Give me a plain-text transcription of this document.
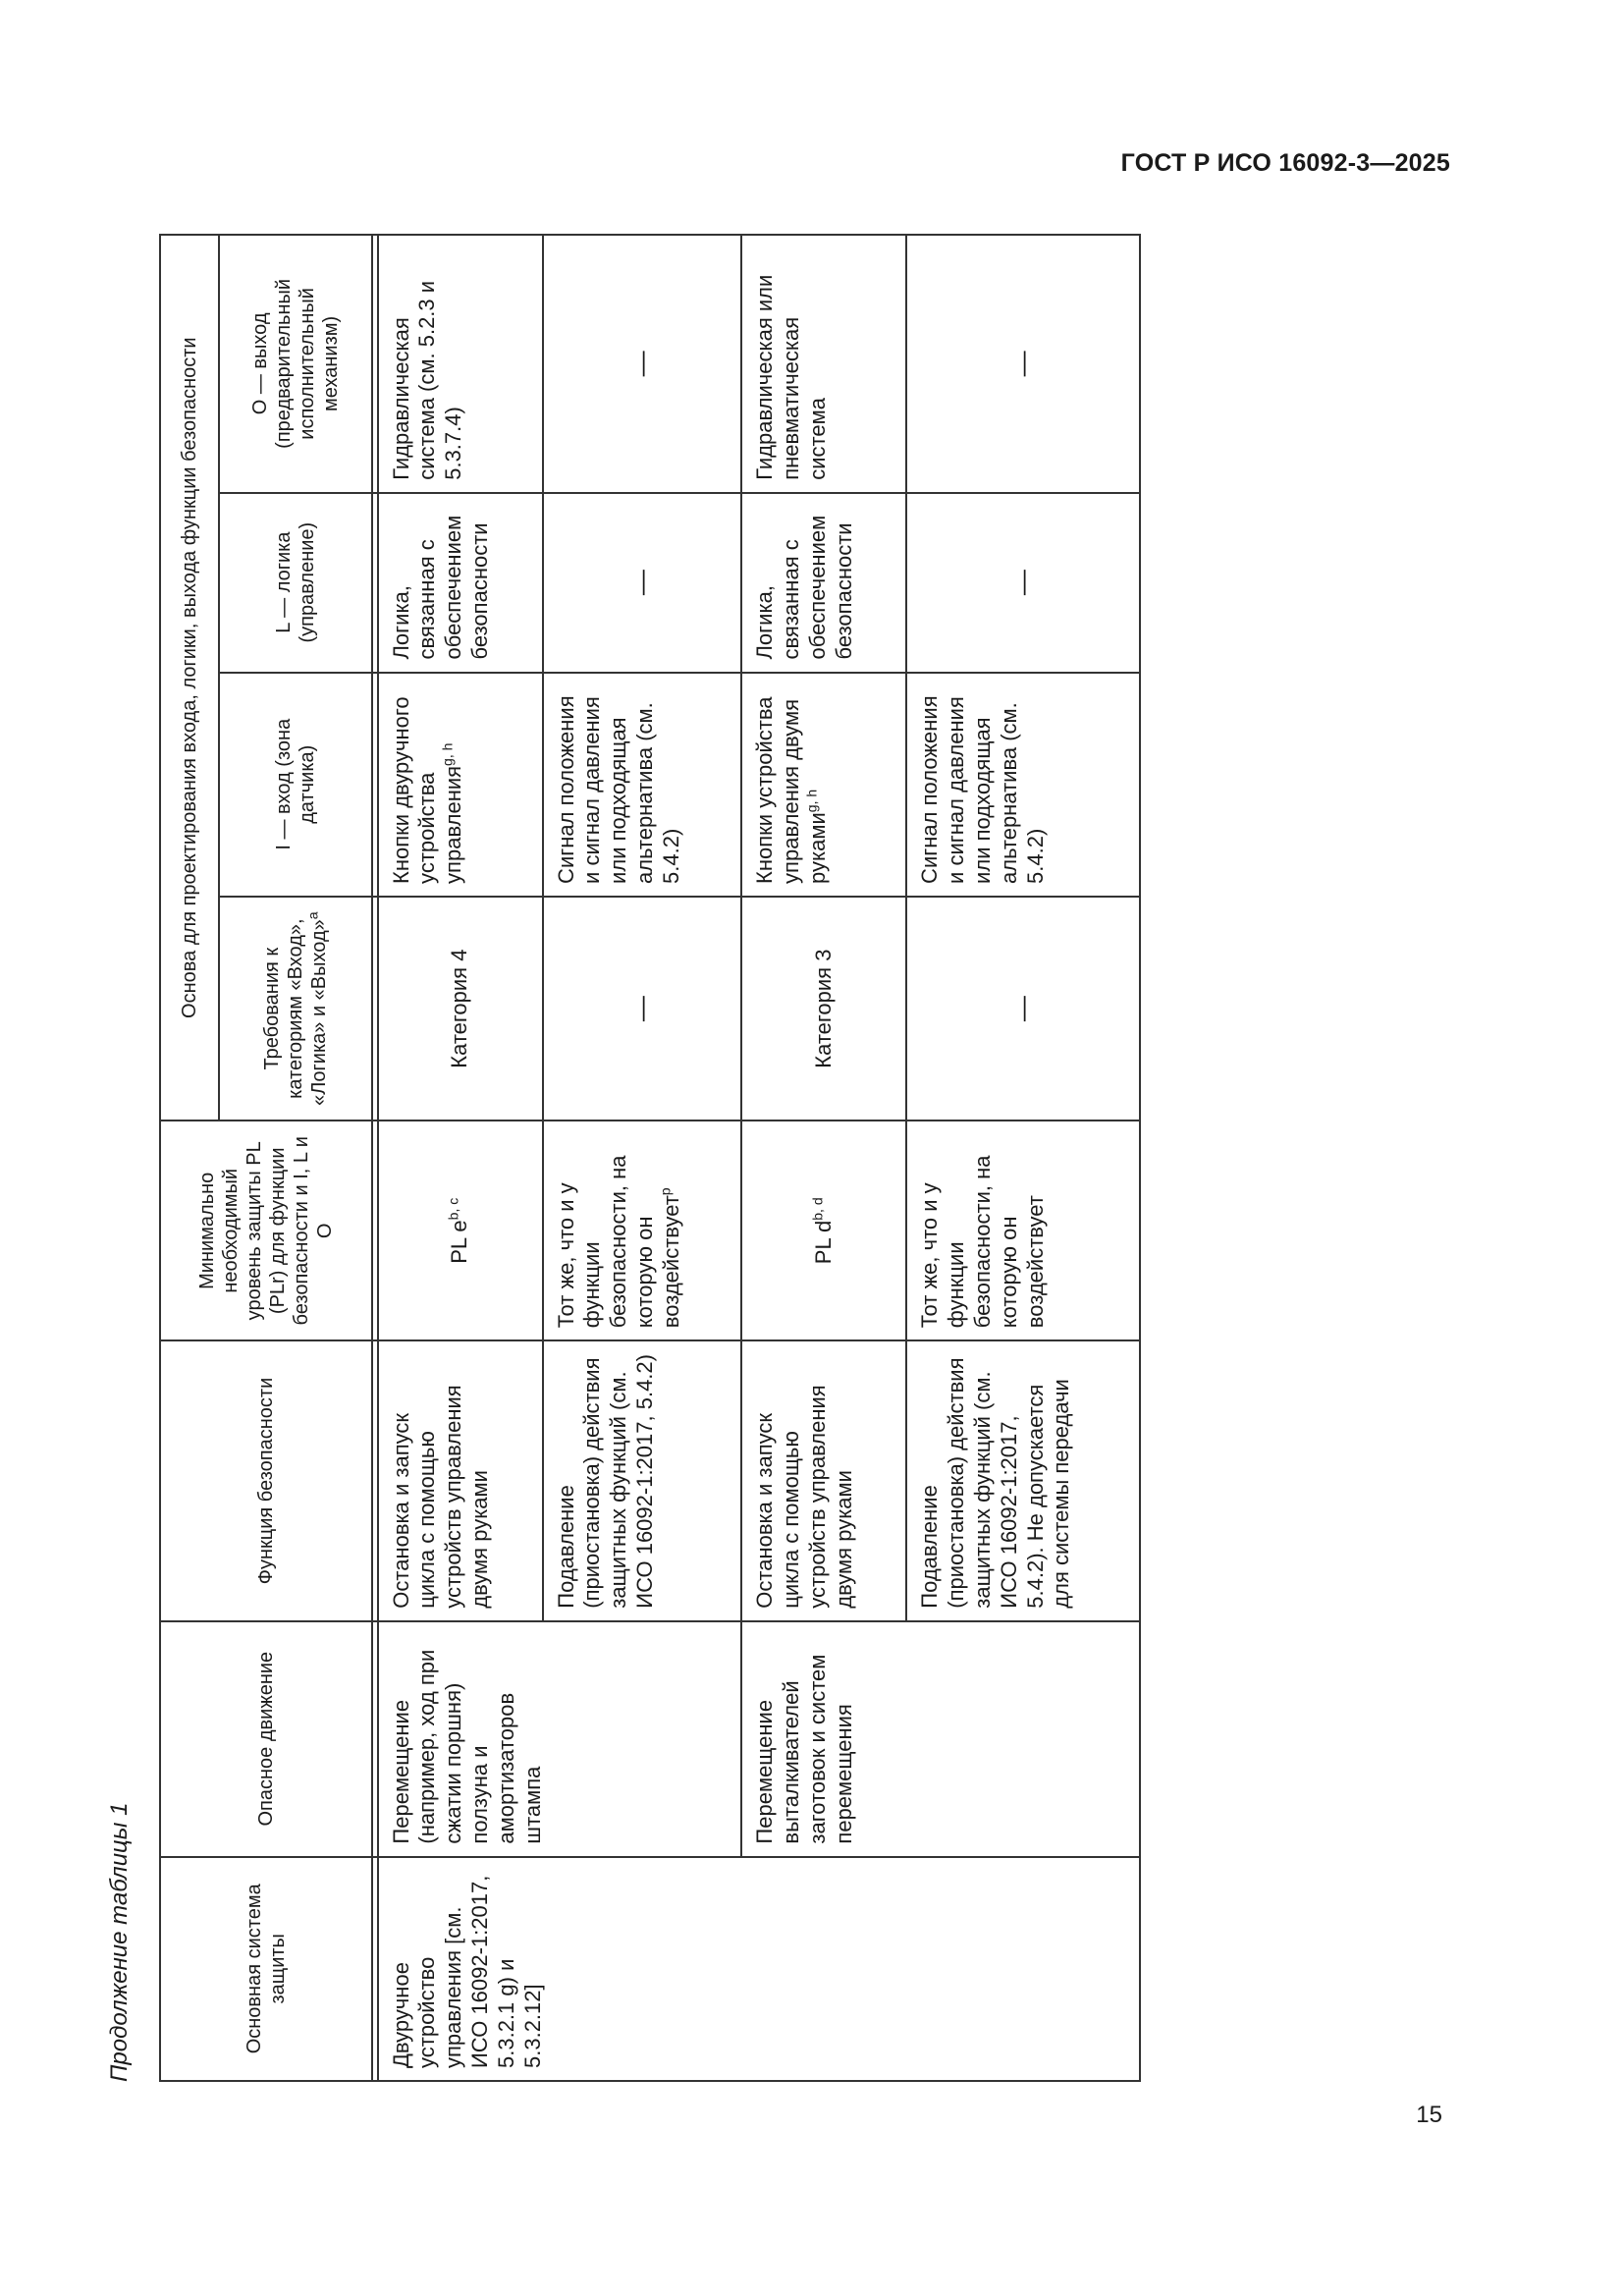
ГОСТ Р ИСО 16092-3—2025
Продолжение таблицы 1	Основная система защиты	Опасное движение	Функция безопасности	Минимально необходимый уровень защиты PL (PLr) для функции безопасности и I, L и O	Основа для проектирования входа, логики, выхода функции безопасности			
				Требования к категориям «Вход», «Логика» и «Выход»$^a$	I — вход (зона датчика)	L — логика (управление)	O — выход (предварительный исполнительный механизм)

Двуручное устройство управления [см. ИСО 16092-1:2017, 5.3.2.1 g) и 5.3.2.12]	Перемещение (например, ход при сжатии поршня) ползуна и амортизаторов штампа	Остановка и запуск цикла с помощью устройств управления двумя руками	PL $e^{b, c}$	Категория 4	Кнопки двуручного устройства управления$^{g, h}$	Логика, связанная с обеспечением безопасности	Гидравлическая система (см. 5.2.3 и 5.3.7.4)
		Подавление (приостановка) действия защитных функций (см. ИСО 16092-1:2017, 5.4.2)	Тот же, что и у функции безопасности, на которую он воздействует$^p$	—	Сигнал положения и сигнал давления или подходящая альтернатива (см. 5.4.2)	—	—
	Перемещение выталкивателей заготовок и систем перемещения	Остановка и запуск цикла с помощью устройств управления двумя руками	PL $d^{b, d}$	Категория 3	Кнопки устройства управления двумя руками$^{g, h}$	Логика, связанная с обеспечением безопасности	Гидравлическая или пневматическая система
		Подавление (приостановка) действия защитных функций (см. ИСО 16092-1:2017, 5.4.2). Не допускается для системы передачи	Тот же, что и у функции безопасности, на которую он воздействует	—	Сигнал положения и сигнал давления или подходящая альтернатива (см. 5.4.2)	—	—
15
